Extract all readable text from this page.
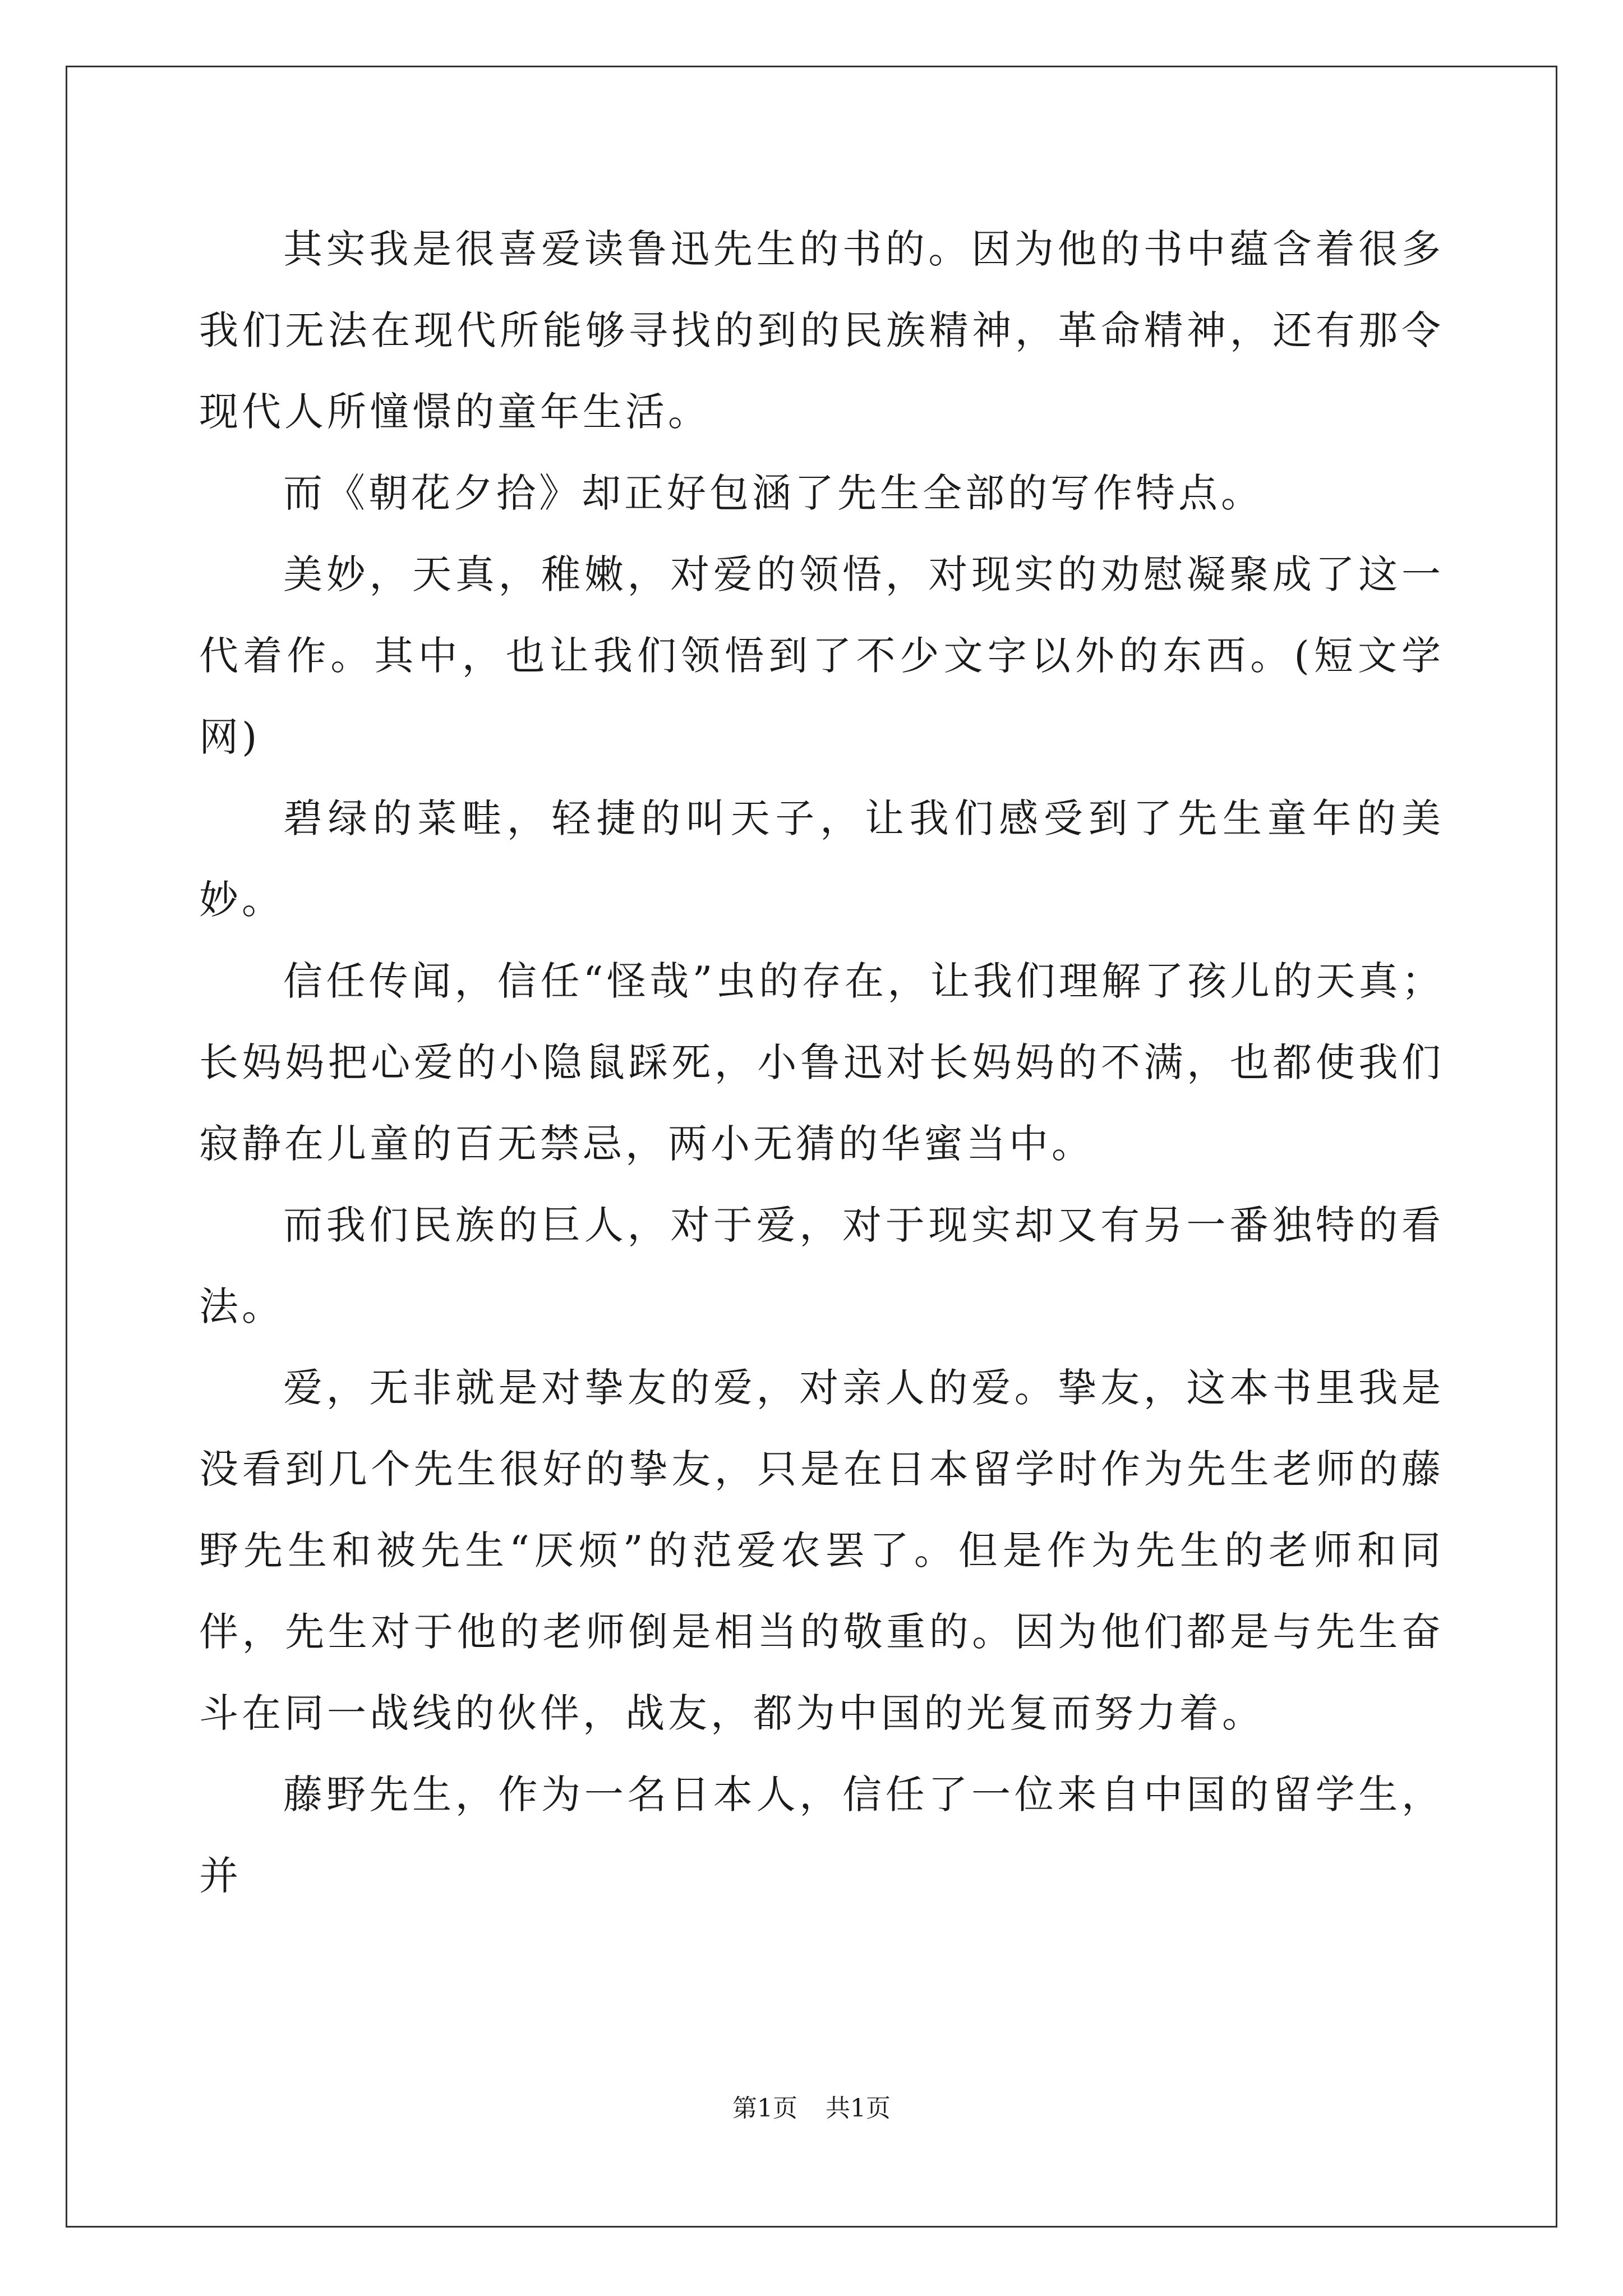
其实我是很喜爱读鲁迅先生的书的。因为他的书中蕴含着很多我们无法在现代所能够寻找的到的民族精神，革命精神，还有那令现代人所憧憬的童年生活。

而《朝花夕拾》却正好包涵了先生全部的写作特点。

美妙，天真，稚嫩，对爱的领悟，对现实的劝慰凝聚成了这一代着作。其中，也让我们领悟到了不少文字以外的东西。(短文学网)

碧绿的菜畦，轻捷的叫天子，让我们感受到了先生童年的美妙。

信任传闻，信任“怪哉”虫的存在，让我们理解了孩儿的天真；长妈妈把心爱的小隐鼠踩死，小鲁迅对长妈妈的不满，也都使我们寂静在儿童的百无禁忌，两小无猜的华蜜当中。

而我们民族的巨人，对于爱，对于现实却又有另一番独特的看法。

爱，无非就是对挚友的爱，对亲人的爱。挚友，这本书里我是没看到几个先生很好的挚友，只是在日本留学时作为先生老师的藤野先生和被先生“厌烦”的范爱农罢了。但是作为先生的老师和同伴，先生对于他的老师倒是相当的敬重的。因为他们都是与先生奋斗在同一战线的伙伴，战友，都为中国的光复而努力着。

藤野先生，作为一名日本人，信任了一位来自中国的留学生，并

第1页 共1页
